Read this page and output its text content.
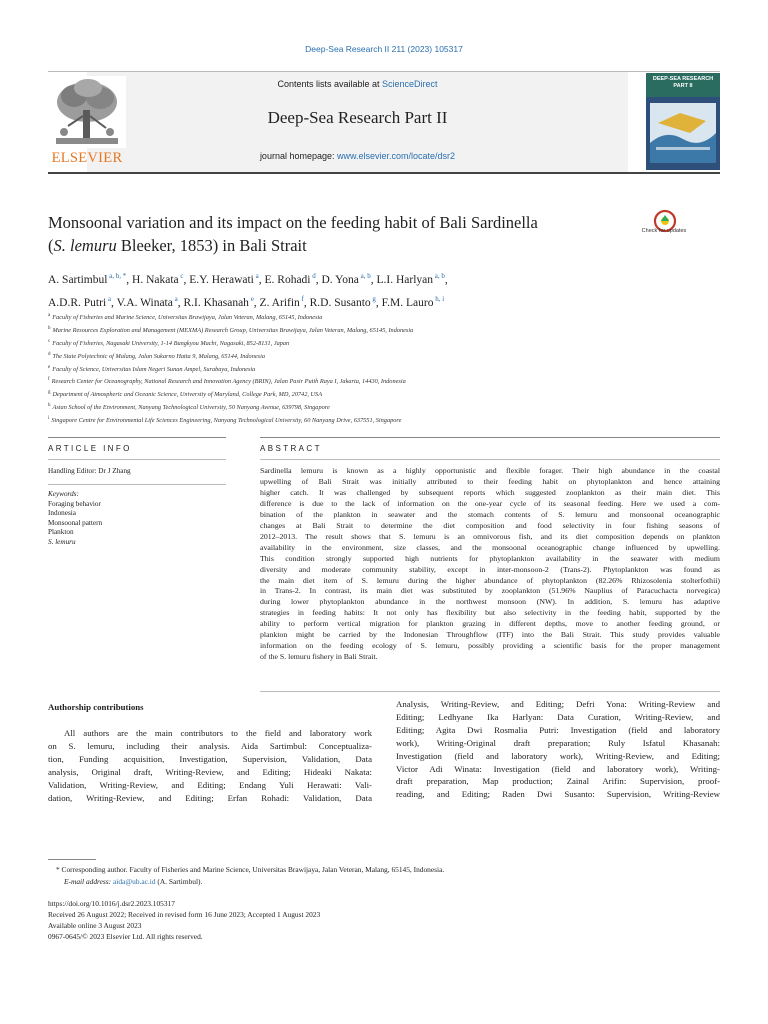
Deep-Sea Research II 211 (2023) 105317
Contents lists available at ScienceDirect
Deep-Sea Research Part II
journal homepage: www.elsevier.com/locate/dsr2
ELSEVIER
DEEP-SEA RESEARCH PART II
Monsoonal variation and its impact on the feeding habit of Bali Sardinella
(S. lemuru Bleeker, 1853) in Bali Strait
Check for updates
A. Sartimbul $^{a, b, *}$, H. Nakata $^c$, E.Y. Herawati $^a$, E. Rohadi $^d$, D. Yona $^{a, b}$, L.I. Harlyan $^{a, b}$,
A.D.R. Putri $^a$, V.A. Winata $^a$, R.I. Khasanah $^e$, Z. Arifin $^f$, R.D. Susanto $^g$, F.M. Lauro $^{h, i}$
$^a$ Faculty of Fisheries and Marine Science, Universitas Brawijaya, Jalan Veteran, Malang, 65145, Indonesia
$^b$ Marine Resources Exploration and Management (MEXMA) Research Group, Universitas Brawijaya, Jalan Veteran, Malang, 65145, Indonesia
$^c$ Faculty of Fisheries, Nagasaki University, 1-14 Bungkyou Machi, Nagasaki, 852-8131, Japan
$^d$ The State Polytechnic of Malang, Jalan Sukarno Hatta 9, Malang, 65144, Indonesia
$^e$ Faculty of Science, Universitas Islam Negeri Sunan Ampel, Surabaya, Indonesia
$^f$ Research Center for Oceanography, National Research and Innovation Agency (BRIN), Jalan Pasir Putih Raya I, Jakarta, 14430, Indonesia
$^g$ Department of Atmospheric and Oceanic Science, University of Maryland, College Park, MD, 20742, USA
$^h$ Asian School of the Environment, Nanyang Technological University, 50 Nanyang Avenue, 639798, Singapore
$^i$ Singapore Centre for Environmental Life Sciences Engineering, Nanyang Technological University, 60 Nanyang Drive, 637551, Singapore
ARTICLE INFO	ABSTRACT
Handling Editor: Dr J Zhang
Keywords:
Foraging behavior
Indonesia
Monsoonal pattern
Plankton
S. lemuru
Sardinella lemuru is known as a highly opportunistic and flexible forager. Their high abundance in the coastal
upwelling of Bali Strait was initially attributed to their feeding habit on phytoplankton and hence attaining
higher catch. It was challenged by subsequent reports which suggested zooplankton as their main diet. This
difference is due to the lack of information on the one-year cycle of its seasonal feeding. Here we used a com-
bination of the plankton in seawater and the stomach contents of S. lemuru and monsoonal oceanographic
changes at Bali Strait to determine the diet composition and food selectivity in four fishing seasons of
2012–2013. The result shows that S. lemuru is an omnivorous fish, and its diet composition depends on plankton
availability in the environment, size classes, and the monsoonal oceanographic change influenced by upwelling.
This condition strongly supported high nutrients for phytoplankton availability in the seawater with medium
diversity and moderate community stability, except in inter-monsoon-2 (Trans-2). Phytoplankton was found as
the main diet item of S. lemuru during the higher abundance of phytoplankton (82.26% Rhizosolenia stolterfothii)
in Trans-2. In contrast, its main diet was substituted by zooplankton (51.96% Nauplius of Paracuchacta norvegica)
during lower phytoplankton abundance in the northwest monsoon (NW). In addition, S. lemuru has adaptive
strategies in feeding habits: It not only has flexibility but also selectivity in the feeding habit, supported by the
ability to perform vertical migration for plankton grazing in different depths, move to another feeding ground, or
plankton might be carried by the Indonesian Throughflow (ITF) into the Bali Strait. This study provides valuable
information on the feeding ecology of S. lemuru, possibly providing a scientific basis for the proper management
of the S. lemuru fishery in Bali Strait.
Authorship contributions
All authors are the main contributors to the field and laboratory work
on S. lemuru, including their analysis. Aida Sartimbul: Conceptualiza-
tion, Funding acquisition, Investigation, Supervision, Validation, Data
analysis, Original draft, Writing-Review, and Editing; Hideaki Nakata:
Validation, Writing-Review, and Editing; Endang Yuli Herawati: Vali-
dation, Writing-Review, and Editing; Erfan Rohadi: Validation, Data
Analysis, Writing-Review, and Editing; Defri Yona: Writing-Review and
Editing; Ledhyane Ika Harlyan: Data Curation, Writing-Review, and
Editing; Agita Dwi Rosmalia Putri: Investigation (field and laboratory
work), Writing-Original draft preparation; Ruly Isfatul Khasanah:
Investigation (field and laboratory work), Writing-Review, and Editing;
Victor Adi Winata: Investigation (field and laboratory work), Writing-
draft preparation, Map production; Zainal Arifin: Supervision, proof-
reading, and Editing; Raden Dwi Susanto: Supervision, Writing-Review
* Corresponding author. Faculty of Fisheries and Marine Science, Universitas Brawijaya, Jalan Veteran, Malang, 65145, Indonesia.
E-mail address: aida@ub.ac.id (A. Sartimbul).
https://doi.org/10.1016/j.dsr2.2023.105317
Received 26 August 2022; Received in revised form 16 June 2023; Accepted 1 August 2023
Available online 3 August 2023
0967-0645/© 2023 Elsevier Ltd. All rights reserved.
